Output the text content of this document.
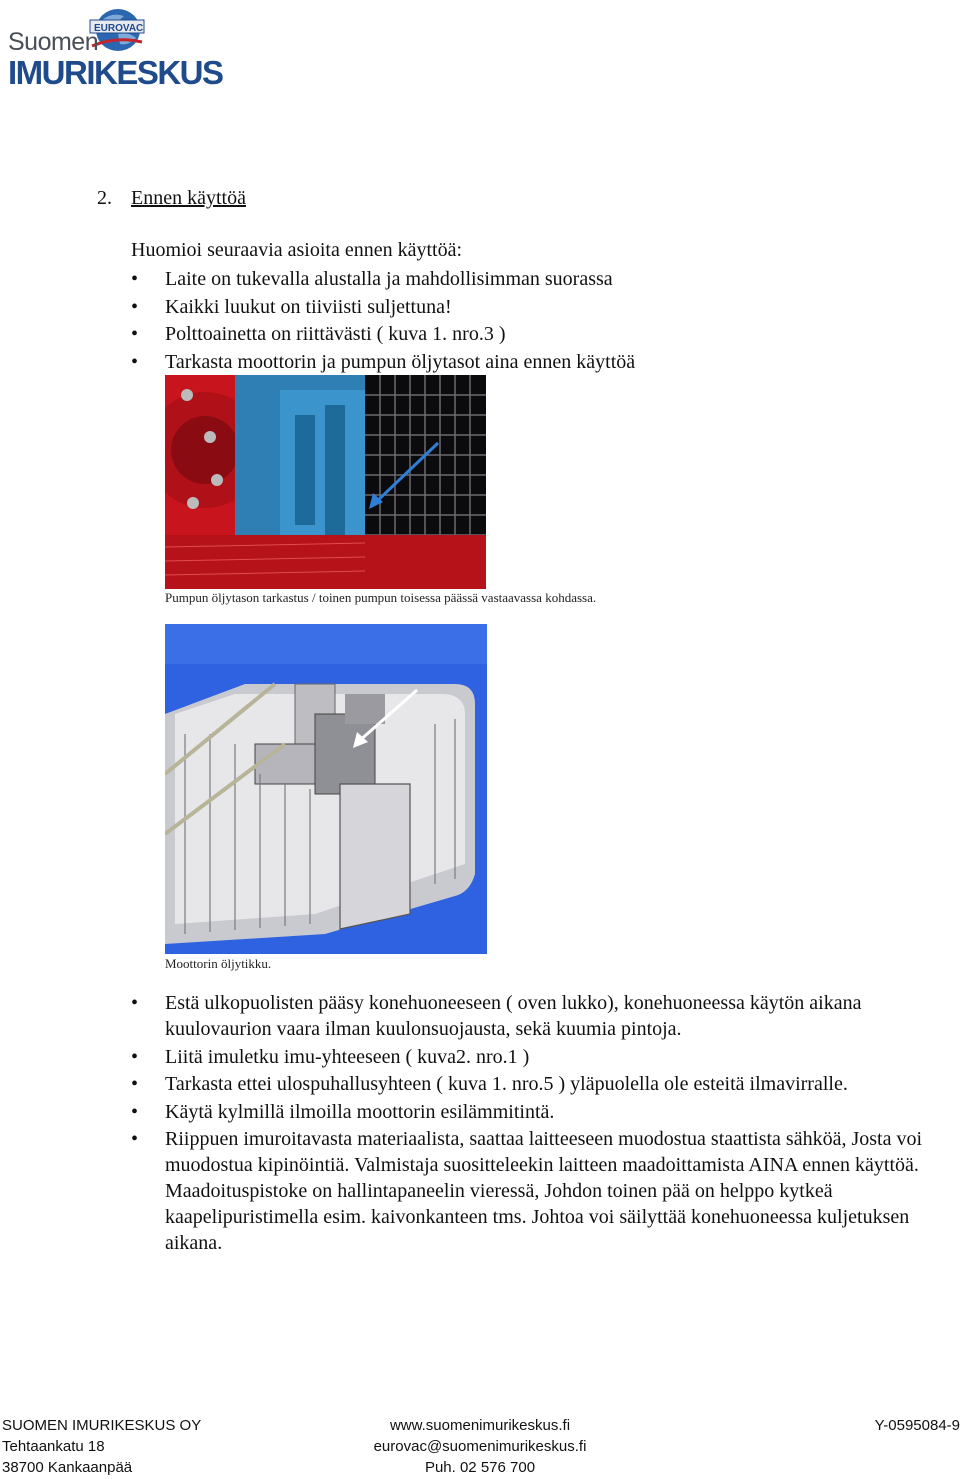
EUROVAC
Suomen
IMURIKESKUS
2. Ennen käyttöä
Huomioi seuraavia asioita ennen käyttöä:
• Laite on tukevalla alustalla ja mahdollisimman suorassa
• Kaikki luukut on tiiviisti suljettuna!
• Polttoainetta on riittävästi ( kuva 1. nro.3 )
• Tarkasta moottorin ja pumpun öljytasot aina ennen käyttöä
Pumpun öljytason tarkastus / toinen pumpun toisessa päässä vastaavassa kohdassa.
Moottorin öljytikku.
• Estä ulkopuolisten pääsy konehuoneeseen ( oven lukko), konehuoneessa käytön aikana kuulovaurion vaara ilman kuulonsuojausta, sekä kuumia pintoja.
• Liitä imuletku imu-yhteeseen ( kuva2. nro.1 )
• Tarkasta ettei ulospuhallusyhteen ( kuva 1. nro.5 ) yläpuolella ole esteitä ilmavirralle.
• Käytä kylmillä ilmoilla moottorin esilämmitintä.
• Riippuen imuroitavasta materiaalista, saattaa laitteeseen muodostua staattista sähköä, Josta voi muodostua kipinöintiä. Valmistaja suositteleekin laitteen maadoittamista AINA ennen käyttöä. Maadoituspistoke on hallintapaneelin vieressä, Johdon toinen pää on helppo kytkeä kaapelipuristimella esim. kaivonkanteen tms. Johtoa voi säilyttää konehuoneessa kuljetuksen aikana.
SUOMEN IMURIKESKUS OY
Tehtaankatu 18
38700 Kankaanpää
www.suomenimurikeskus.fi
eurovac@suomenimurikeskus.fi
Puh. 02 576 700
Y-0595084-9
